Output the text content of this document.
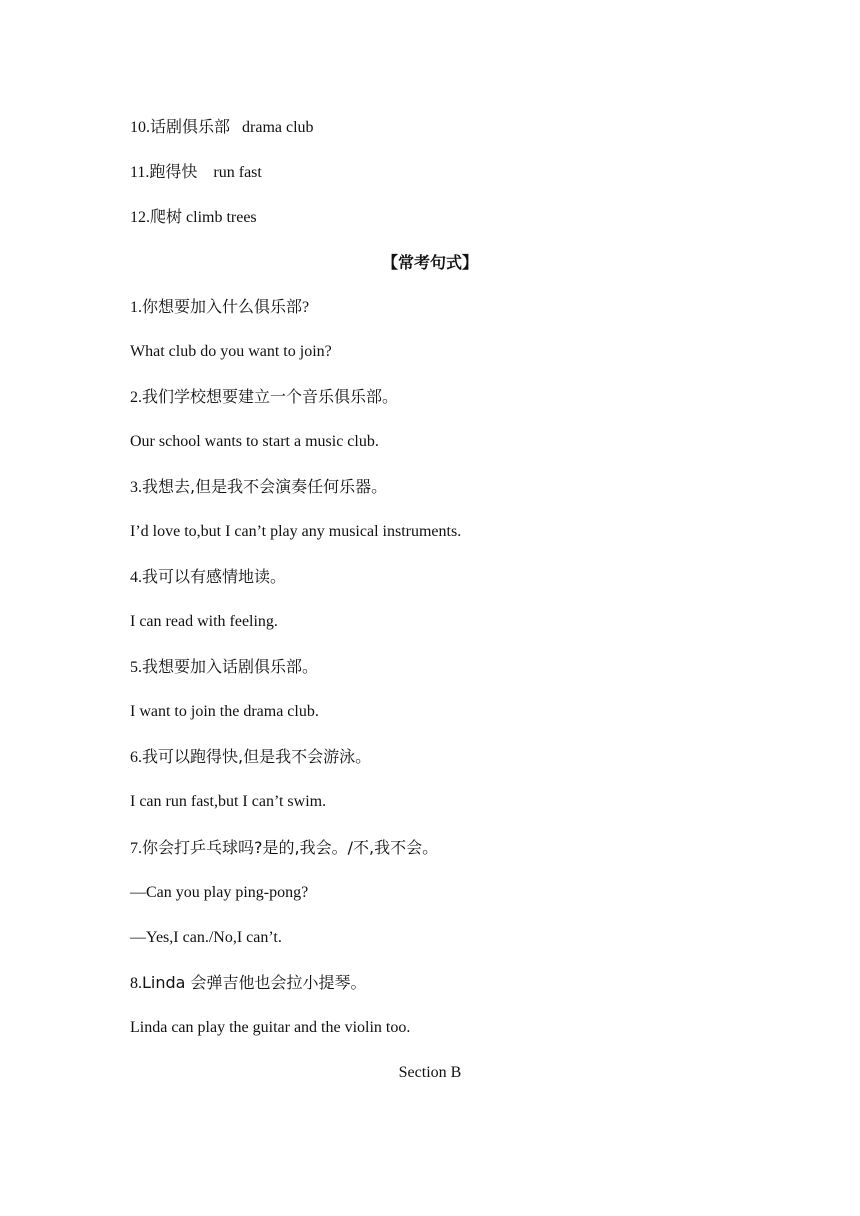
10.话剧俱乐部   drama club
11.跑得快    run fast
12.爬树 climb trees
【常考句式】
1.你想要加入什么俱乐部?
What club do you want to join?
2.我们学校想要建立一个音乐俱乐部。
Our school wants to start a music club.
3.我想去,但是我不会演奏任何乐器。
I’d love to,but I can’t play any musical instruments.
4.我可以有感情地读。
I can read with feeling.
5.我想要加入话剧俱乐部。
I want to join the drama club.
6.我可以跑得快,但是我不会游泳。
I can run fast,but I can’t swim.
7.你会打乒乓球吗?是的,我会。/不,我不会。
—Can you play ping-pong?
—Yes,I can./No,I can’t.
8.Linda 会弹吉他也会拉小提琴。
Linda can play the guitar and the violin too.
Section B
